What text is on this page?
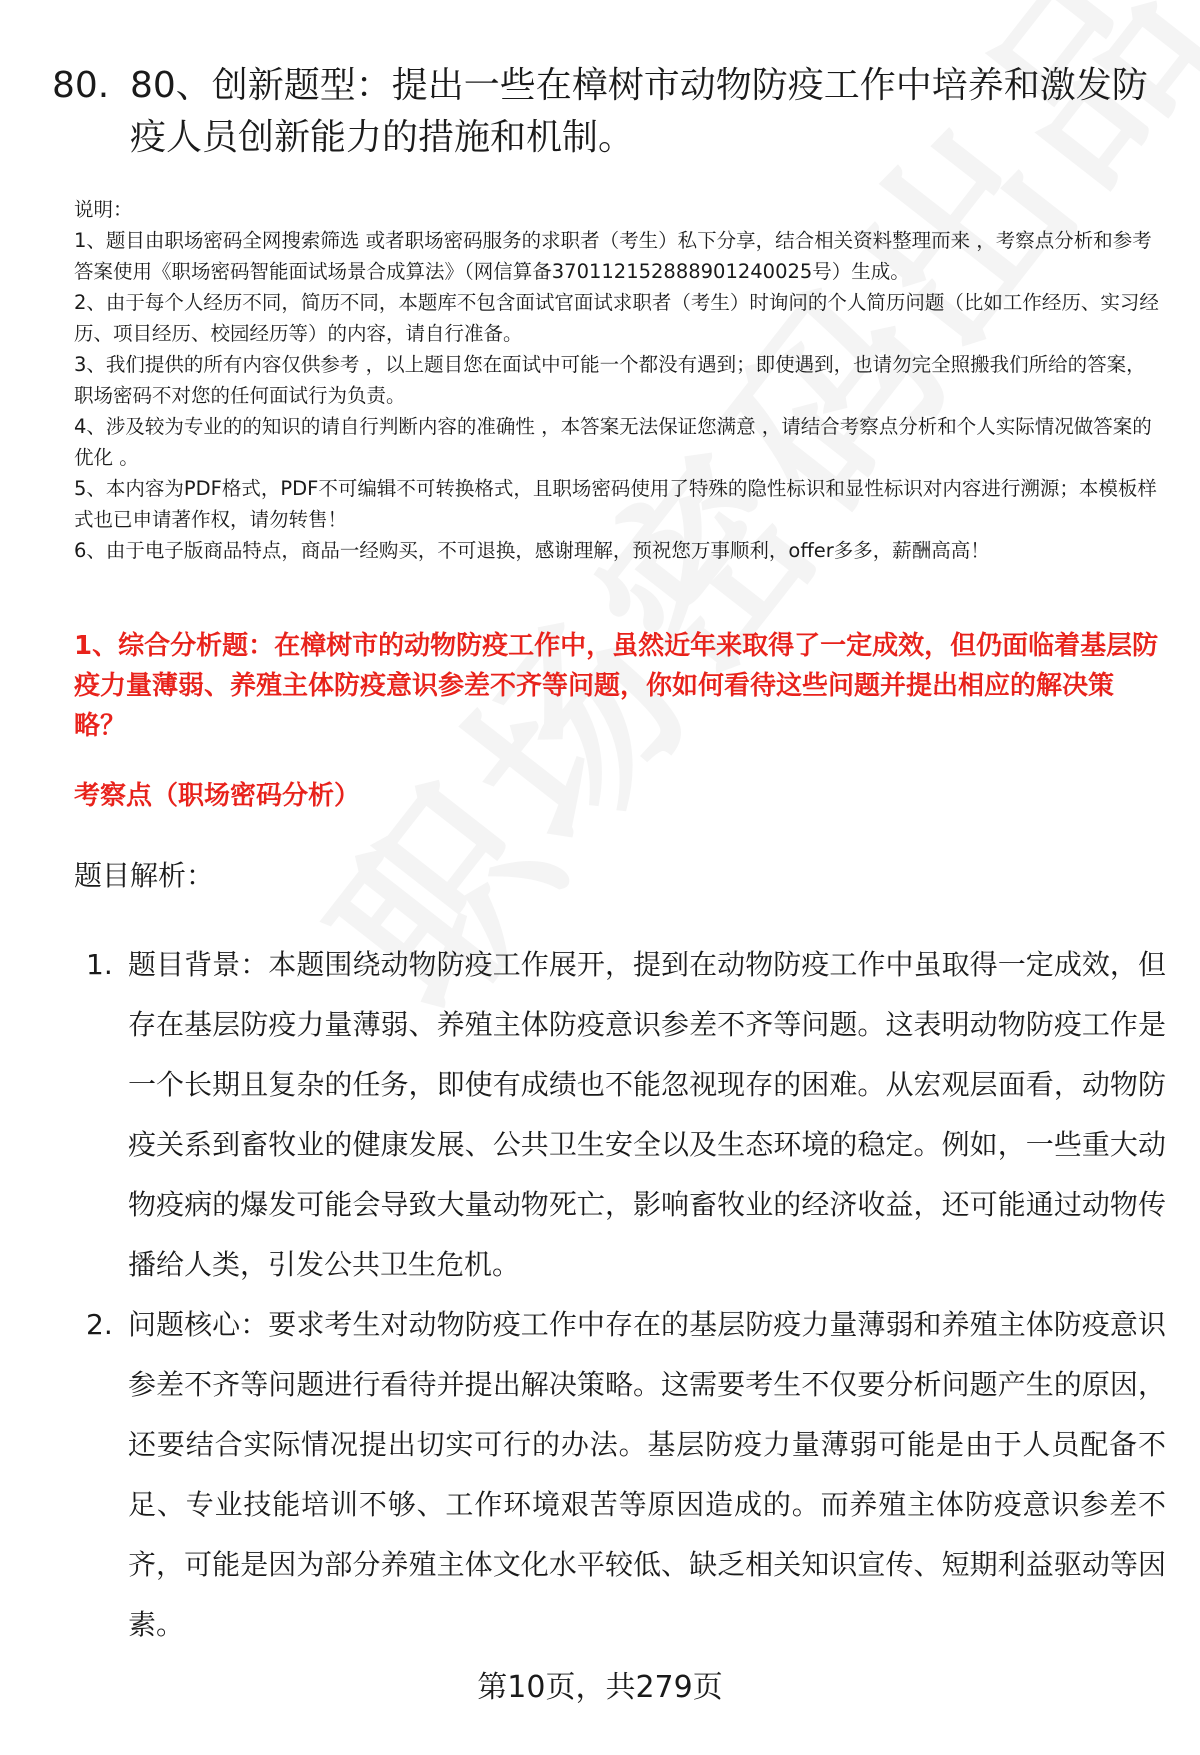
80. 80、创新题型：提出一些在樟树市动物防疫工作中培养和激发防疫人员创新能力的措施和机制。

说明：

1、题目由职场密码全网搜索筛选 或者职场密码服务的求职者（考生）私下分享，结合相关资料整理而来 ，考察点分析和参考答案使用《职场密码智能面试场景合成算法》（网信算备370112152888901240025号）生成。

2、由于每个人经历不同，简历不同，本题库不包含面试官面试求职者（考生）时询问的个人简历问题（比如工作经历、实习经历、项目经历、校园经历等）的内容，请自行准备。

3、我们提供的所有内容仅供参考 ，以上题目您在面试中可能一个都没有遇到；即使遇到，也请勿完全照搬我们所给的答案，职场密码不对您的任何面试行为负责。

4、涉及较为专业的的知识的请自行判断内容的准确性 ，本答案无法保证您满意 ，请结合考察点分析和个人实际情况做答案的优化 。

5、本内容为PDF格式，PDF不可编辑不可转换格式，且职场密码使用了特殊的隐性标识和显性标识对内容进行溯源；本模板样式也已申请著作权，请勿转售！

6、由于电子版商品特点，商品一经购买，不可退换，感谢理解，预祝您万事顺利，offer多多，薪酬高高！

1、综合分析题：在樟树市的动物防疫工作中，虽然近年来取得了一定成效，但仍面临着基层防疫力量薄弱、养殖主体防疫意识参差不齐等问题，你如何看待这些问题并提出相应的解决策略？
考察点（职场密码分析）
题目解析：
1. 题目背景：本题围绕动物防疫工作展开，提到在动物防疫工作中虽取得一定成效，但存在基层防疫力量薄弱、养殖主体防疫意识参差不齐等问题。这表明动物防疫工作是一个长期且复杂的任务，即使有成绩也不能忽视现存的困难。从宏观层面看，动物防疫关系到畜牧业的健康发展、公共卫生安全以及生态环境的稳定。例如，一些重大动物疫病的爆发可能会导致大量动物死亡，影响畜牧业的经济收益，还可能通过动物传播给人类，引发公共卫生危机。
2. 问题核心：要求考生对动物防疫工作中存在的基层防疫力量薄弱和养殖主体防疫意识参差不齐等问题进行看待并提出解决策略。这需要考生不仅要分析问题产生的原因，还要结合实际情况提出切实可行的办法。基层防疫力量薄弱可能是由于人员配备不足、专业技能培训不够、工作环境艰苦等原因造成的。而养殖主体防疫意识参差不齐，可能是因为部分养殖主体文化水平较低、缺乏相关知识宣传、短期利益驱动等因素。
第10页，共279页
